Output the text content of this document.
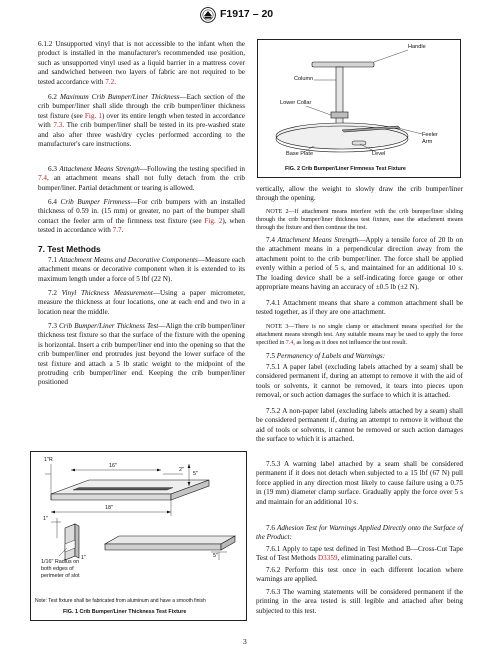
F1917 – 20
6.1.2 Unsupported vinyl that is not accessible to the infant when the product is installed in the manufacturer's recommended use position, such as unsupported vinyl used as a liquid barrier in a mattress cover and sandwiched between two layers of fabric are not required to be tested accordance with 7.2.
6.2 Maximum Crib Bumper/Liner Thickness—Each section of the crib bumper/liner shall slide through the crib bumper/liner thickness test fixture (see Fig. 1) over its entire length when tested in accordance with 7.3. The crib bumper/liner shall be tested in its pre-washed state and also after three wash/dry cycles performed according to the manufacturer's care instructions.
6.3 Attachment Means Strength—Following the testing specified in 7.4, an attachment means shall not fully detach from the crib bumper/liner. Partial detachment or tearing is allowed.
6.4 Crib Bumper Firmness—For crib bumpers with an installed thickness of 0.59 in. (15 mm) or greater, no part of the bumper shall contact the feeler arm of the firmness test fixture (see Fig. 2), when tested in accordance with 7.7.
7. Test Methods
7.1 Attachment Means and Decorative Components—Measure each attachment means or decorative component when it is extended to its maximum length under a force of 5 lbf (22 N).
7.2 Vinyl Thickness Measurement—Using a paper micrometer, measure the thickness at four locations, one at each end and two in a location near the middle.
7.3 Crib Bumper/Liner Thickness Test—Align the crib bumper/liner thickness test fixture so that the surface of the fixture with the opening is horizontal. Insert a crib bumper/liner end into the opening so that the crib bumper/liner end protrudes just beyond the lower surface of the test fixture and attach a 5 lb static weight to the midpoint of the protruding crib bumper/liner end. Keeping the crib bumper/liner positioned
1"R
16"
2"
5"
18"
1"
5"
1"
1/16" Radius on both edges of perimeter of slot
Note: Test fixture shall be fabricated from aluminum and have a smooth finish
FIG. 1 Crib Bumper/Liner Thickness Test Fixture
Handle
Column
Lower Collar
Feeler Arm
Base Plate	Level
FIG. 2 Crib Bumper/Liner Firmness Test Fixture
vertically, allow the weight to slowly draw the crib bumper/liner through the opening.
NOTE 2—If attachment means interfere with the crib bumper/liner sliding through the crib bumper/liner thickness test fixture, ease the attachment means through the fixture and then continue the test.
7.4 Attachment Means Strength—Apply a tensile force of 20 lb on the attachment means in a perpendicular direction away from the attachment point to the crib bumper/liner. The force shall be applied evenly within a period of 5 s, and maintained for an additional 10 s. The loading device shall be a self-indicating force gauge or other appropriate means having an accuracy of ±0.5 lb (±2 N).
7.4.1 Attachment means that share a common attachment shall be tested together, as if they are one attachment.
NOTE 3—There is no single clamp or attachment means specified for the attachment means strength test. Any suitable means may be used to apply the force specified in 7.4, as long as it does not influence the test result.
7.5 Permanency of Labels and Warnings:
7.5.1 A paper label (excluding labels attached by a seam) shall be considered permanent if, during an attempt to remove it with the aid of tools or solvents, it cannot be removed, it tears into pieces upon removal, or such action damages the surface to which it is attached.
7.5.2 A non-paper label (excluding labels attached by a seam) shall be considered permanent if, during an attempt to remove it without the aid of tools or solvents, it cannot be removed or such action damages the surface to which it is attached.
7.5.3 A warning label attached by a seam shall be considered permanent if it does not detach when subjected to a 15 lbf (67 N) pull force applied in any direction most likely to cause failure using a 0.75 in (19 mm) diameter clamp surface. Gradually apply the force over 5 s and maintain for an additional 10 s.
7.6 Adhesion Test for Warnings Applied Directly onto the Surface of the Product:
7.6.1 Apply to tape test defined in Test Method B—Cross-Cut Tape Test of Test Methods D3359, eliminating parallel cuts.
7.6.2 Perform this test once in each different location where warnings are applied.
7.6.3 The warning statements will be considered permanent if the printing in the area tested is still legible and attached after being subjected to this test.
3
